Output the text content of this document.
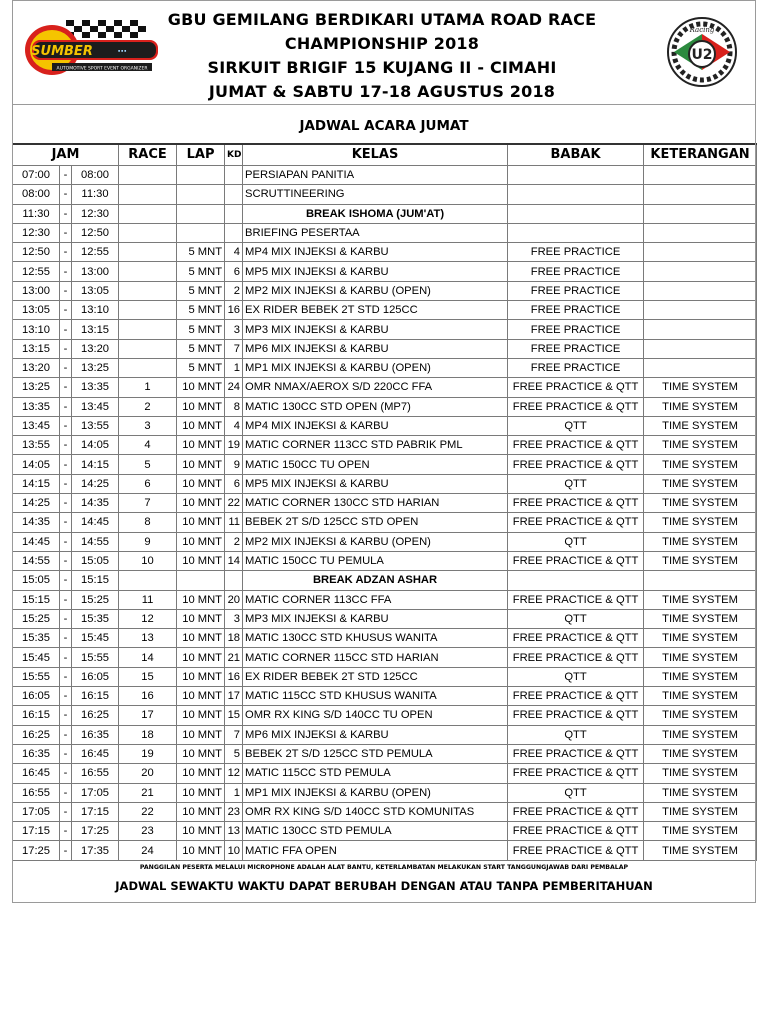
SUMBER	⋯
AUTOMOTIVE SPORT EVENT ORGANIZER
GBU GEMILANG BERDIKARI UTAMA ROAD RACE
CHAMPIONSHIP 2018
SIRKUIT BRIGIF 15 KUJANG II - CIMAHI
JUMAT & SABTU 17-18 AGUSTUS 2018
Racing
U2
JADWAL ACARA JUMAT
JAM			RACE	LAP	KD	KELAS	BABAK	KETERANGAN
07:00	-	08:00				PERSIAPAN PANITIA		
08:00	-	11:30				SCRUTTINEERING		
11:30	-	12:30				BREAK ISHOMA (JUM'AT)		
12:30	-	12:50				BRIEFING PESERTAA		
12:50	-	12:55		5 MNT	4	MP4 MIX INJEKSI & KARBU	FREE PRACTICE	
12:55	-	13:00		5 MNT	6	MP5 MIX INJEKSI & KARBU	FREE PRACTICE	
13:00	-	13:05		5 MNT	2	MP2 MIX INJEKSI & KARBU (OPEN)	FREE PRACTICE	
13:05	-	13:10		5 MNT	16	EX RIDER BEBEK 2T STD 125CC	FREE PRACTICE	
13:10	-	13:15		5 MNT	3	MP3 MIX INJEKSI & KARBU	FREE PRACTICE	
13:15	-	13:20		5 MNT	7	MP6 MIX INJEKSI & KARBU	FREE PRACTICE	
13:20	-	13:25		5 MNT	1	MP1 MIX INJEKSI & KARBU (OPEN)	FREE PRACTICE	
13:25	-	13:35	1	10 MNT	24	OMR NMAX/AEROX S/D 220CC FFA	FREE PRACTICE & QTT	TIME SYSTEM
13:35	-	13:45	2	10 MNT	8	MATIC 130CC STD OPEN (MP7)	FREE PRACTICE & QTT	TIME SYSTEM
13:45	-	13:55	3	10 MNT	4	MP4 MIX INJEKSI & KARBU	QTT	TIME SYSTEM
13:55	-	14:05	4	10 MNT	19	MATIC CORNER 113CC STD PABRIK PML	FREE PRACTICE & QTT	TIME SYSTEM
14:05	-	14:15	5	10 MNT	9	MATIC 150CC TU OPEN	FREE PRACTICE & QTT	TIME SYSTEM
14:15	-	14:25	6	10 MNT	6	MP5 MIX INJEKSI & KARBU	QTT	TIME SYSTEM
14:25	-	14:35	7	10 MNT	22	MATIC CORNER 130CC STD HARIAN	FREE PRACTICE & QTT	TIME SYSTEM
14:35	-	14:45	8	10 MNT	11	BEBEK 2T S/D 125CC STD OPEN	FREE PRACTICE & QTT	TIME SYSTEM
14:45	-	14:55	9	10 MNT	2	MP2 MIX INJEKSI & KARBU (OPEN)	QTT	TIME SYSTEM
14:55	-	15:05	10	10 MNT	14	MATIC 150CC TU PEMULA	FREE PRACTICE & QTT	TIME SYSTEM
15:05	-	15:15				BREAK ADZAN ASHAR		
15:15	-	15:25	11	10 MNT	20	MATIC CORNER 113CC FFA	FREE PRACTICE & QTT	TIME SYSTEM
15:25	-	15:35	12	10 MNT	3	MP3 MIX INJEKSI & KARBU	QTT	TIME SYSTEM
15:35	-	15:45	13	10 MNT	18	MATIC 130CC STD KHUSUS WANITA	FREE PRACTICE & QTT	TIME SYSTEM
15:45	-	15:55	14	10 MNT	21	MATIC CORNER 115CC STD HARIAN	FREE PRACTICE & QTT	TIME SYSTEM
15:55	-	16:05	15	10 MNT	16	EX RIDER BEBEK 2T STD 125CC	QTT	TIME SYSTEM
16:05	-	16:15	16	10 MNT	17	MATIC 115CC STD KHUSUS WANITA	FREE PRACTICE & QTT	TIME SYSTEM
16:15	-	16:25	17	10 MNT	15	OMR RX KING S/D 140CC TU OPEN	FREE PRACTICE & QTT	TIME SYSTEM
16:25	-	16:35	18	10 MNT	7	MP6 MIX INJEKSI & KARBU	QTT	TIME SYSTEM
16:35	-	16:45	19	10 MNT	5	BEBEK 2T S/D 125CC STD PEMULA	FREE PRACTICE & QTT	TIME SYSTEM
16:45	-	16:55	20	10 MNT	12	MATIC 115CC STD PEMULA	FREE PRACTICE & QTT	TIME SYSTEM
16:55	-	17:05	21	10 MNT	1	MP1 MIX INJEKSI & KARBU (OPEN)	QTT	TIME SYSTEM
17:05	-	17:15	22	10 MNT	23	OMR RX KING S/D 140CC STD KOMUNITAS	FREE PRACTICE & QTT	TIME SYSTEM
17:15	-	17:25	23	10 MNT	13	MATIC 130CC STD PEMULA	FREE PRACTICE & QTT	TIME SYSTEM
17:25	-	17:35	24	10 MNT	10	MATIC FFA OPEN	FREE PRACTICE & QTT	TIME SYSTEM
PANGGILAN PESERTA MELALUI MICROPHONE ADALAH ALAT BANTU, KETERLAMBATAN MELAKUKAN START TANGGUNGJAWAB DARI PEMBALAP
JADWAL SEWAKTU WAKTU DAPAT BERUBAH DENGAN ATAU TANPA PEMBERITAHUAN
